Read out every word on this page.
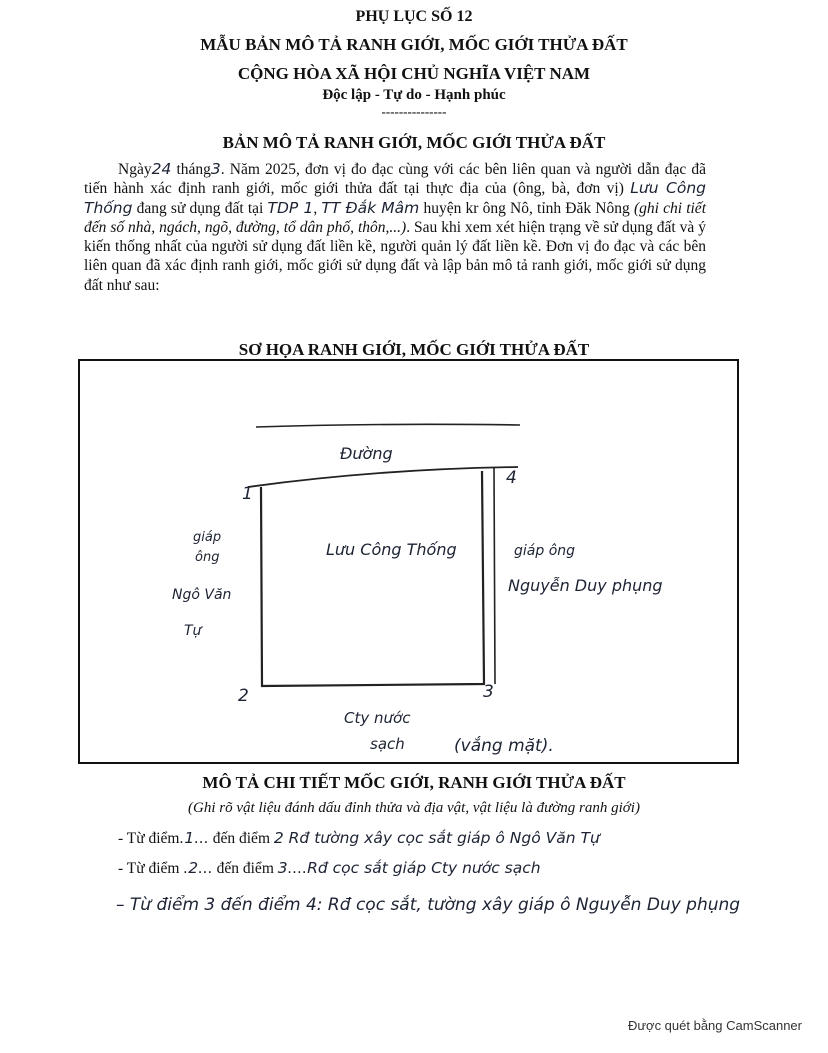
PHỤ LỤC SỐ 12
MẪU BẢN MÔ TẢ RANH GIỚI, MỐC GIỚI THỬA ĐẤT
CỘNG HÒA XÃ HỘI CHỦ NGHĨA VIỆT NAM
Độc lập - Tự do - Hạnh phúc
---------------
BẢN MÔ TẢ RANH GIỚI, MỐC GIỚI THỬA ĐẤT
Ngày24 tháng3. Năm 2025, đơn vị đo đạc cùng với các bên liên quan và người dẫn đạc đã tiến hành xác định ranh giới, mốc giới thửa đất tại thực địa của (ông, bà, đơn vị) Lưu Công Thống đang sử dụng đất tại TDP 1, TT Đắk Mâm huyện kr ông Nô, tỉnh Đăk Nông (ghi chi tiết đến số nhà, ngách, ngõ, đường, tổ dân phố, thôn,...). Sau khi xem xét hiện trạng về sử dụng đất và ý kiến thống nhất của người sử dụng đất liền kề, người quản lý đất liền kề. Đơn vị đo đạc và các bên liên quan đã xác định ranh giới, mốc giới sử dụng đất và lập bản mô tả ranh giới, mốc giới sử dụng đất như sau:
SƠ HỌA RANH GIỚI, MỐC GIỚI THỬA ĐẤT
Đường
1
2	3
4
Lưu Công Thống
giáp
ông
Ngô Văn
Tự
giáp ông
Nguyễn Duy phụng
Cty nước
sạch	(vắng mặt).
MÔ TẢ CHI TIẾT MỐC GIỚI, RANH GIỚI THỬA ĐẤT
(Ghi rõ vật liệu đánh dấu đỉnh thửa và địa vật, vật liệu là đường ranh giới)
- Từ điểm.1... đến điểm 2 Rđ tường xây cọc sắt giáp ô Ngô Văn Tự
- Từ điểm .2... đến điểm 3....Rđ cọc sắt giáp Cty nước sạch
– Từ điểm 3 đến điểm 4: Rđ cọc sắt, tường xây giáp ô Nguyễn Duy phụng
Được quét bằng CamScanner
